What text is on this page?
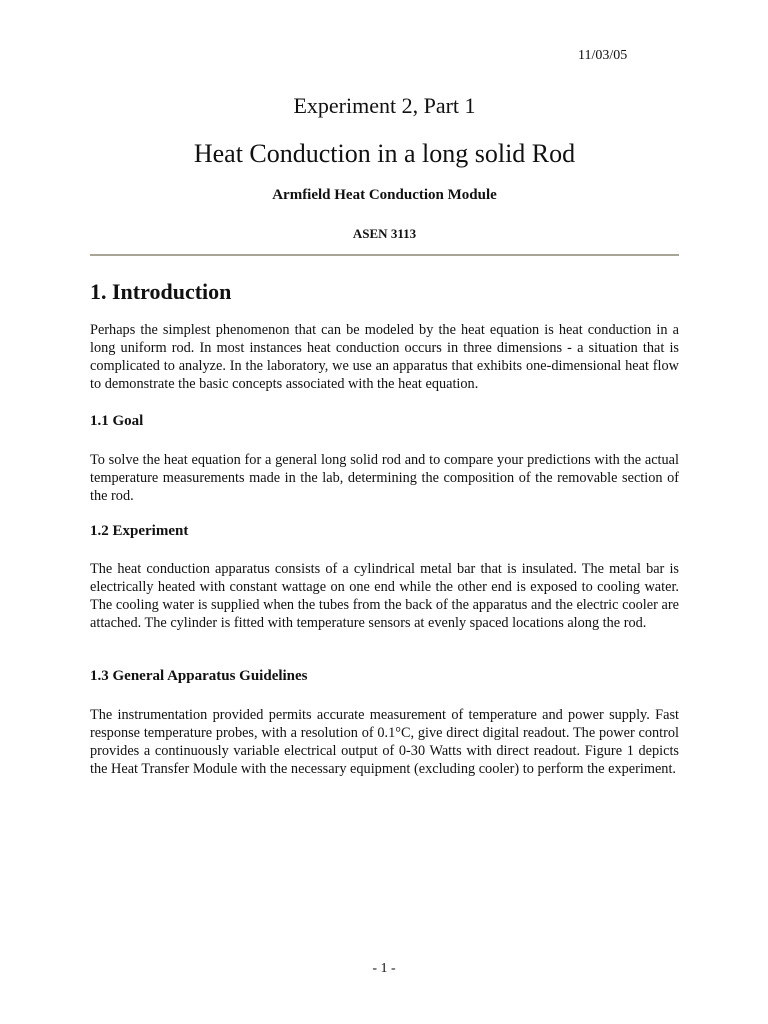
11/03/05
Experiment 2, Part 1
Heat Conduction in a long solid Rod
Armfield Heat Conduction Module
ASEN 3113
1. Introduction

Perhaps the simplest phenomenon that can be modeled by the heat equation is heat conduction in a long uniform rod. In most instances heat conduction occurs in three dimensions - a situation that is complicated to analyze. In the laboratory, we use an apparatus that exhibits one-dimensional heat flow to demonstrate the basic concepts associated with the heat equation.

1.1 Goal

To solve the heat equation for a general long solid rod and to compare your predictions with the actual temperature measurements made in the lab, determining the composition of the removable section of the rod.

1.2 Experiment

The heat conduction apparatus consists of a cylindrical metal bar that is insulated. The metal bar is electrically heated with constant wattage on one end while the other end is exposed to cooling water. The cooling water is supplied when the tubes from the back of the apparatus and the electric cooler are attached. The cylinder is fitted with temperature sensors at evenly spaced locations along the rod.

1.3 General Apparatus Guidelines

The instrumentation provided permits accurate measurement of temperature and power supply. Fast response temperature probes, with a resolution of 0.1°C, give direct digital readout. The power control provides a continuously variable electrical output of 0-30 Watts with direct readout. Figure 1 depicts the Heat Transfer Module with the necessary equipment (excluding cooler) to perform the experiment.

- 1 -
